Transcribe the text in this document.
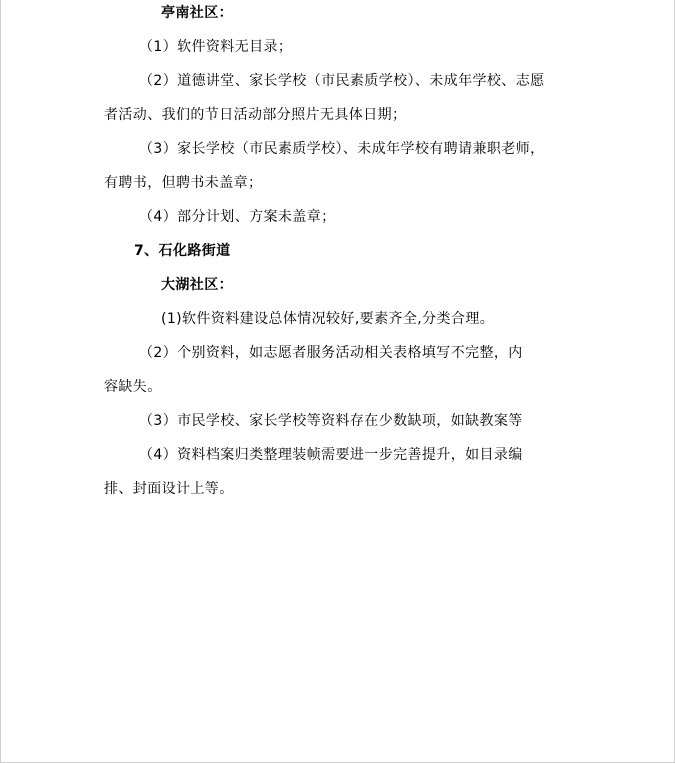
亭南社区：
（1）软件资料无目录；
（2）道德讲堂、家长学校（市民素质学校）、未成年学校、志愿
者活动、我们的节日活动部分照片无具体日期；
（3）家长学校（市民素质学校）、未成年学校有聘请兼职老师，
有聘书，但聘书未盖章；
（4）部分计划、方案未盖章；
7、石化路街道
大湖社区：
(1)软件资料建设总体情况较好,要素齐全,分类合理。
（2）个别资料，如志愿者服务活动相关表格填写不完整，内
容缺失。
（3）市民学校、家长学校等资料存在少数缺项，如缺教案等
（4）资料档案归类整理装帧需要进一步完善提升，如目录编
排、封面设计上等。
